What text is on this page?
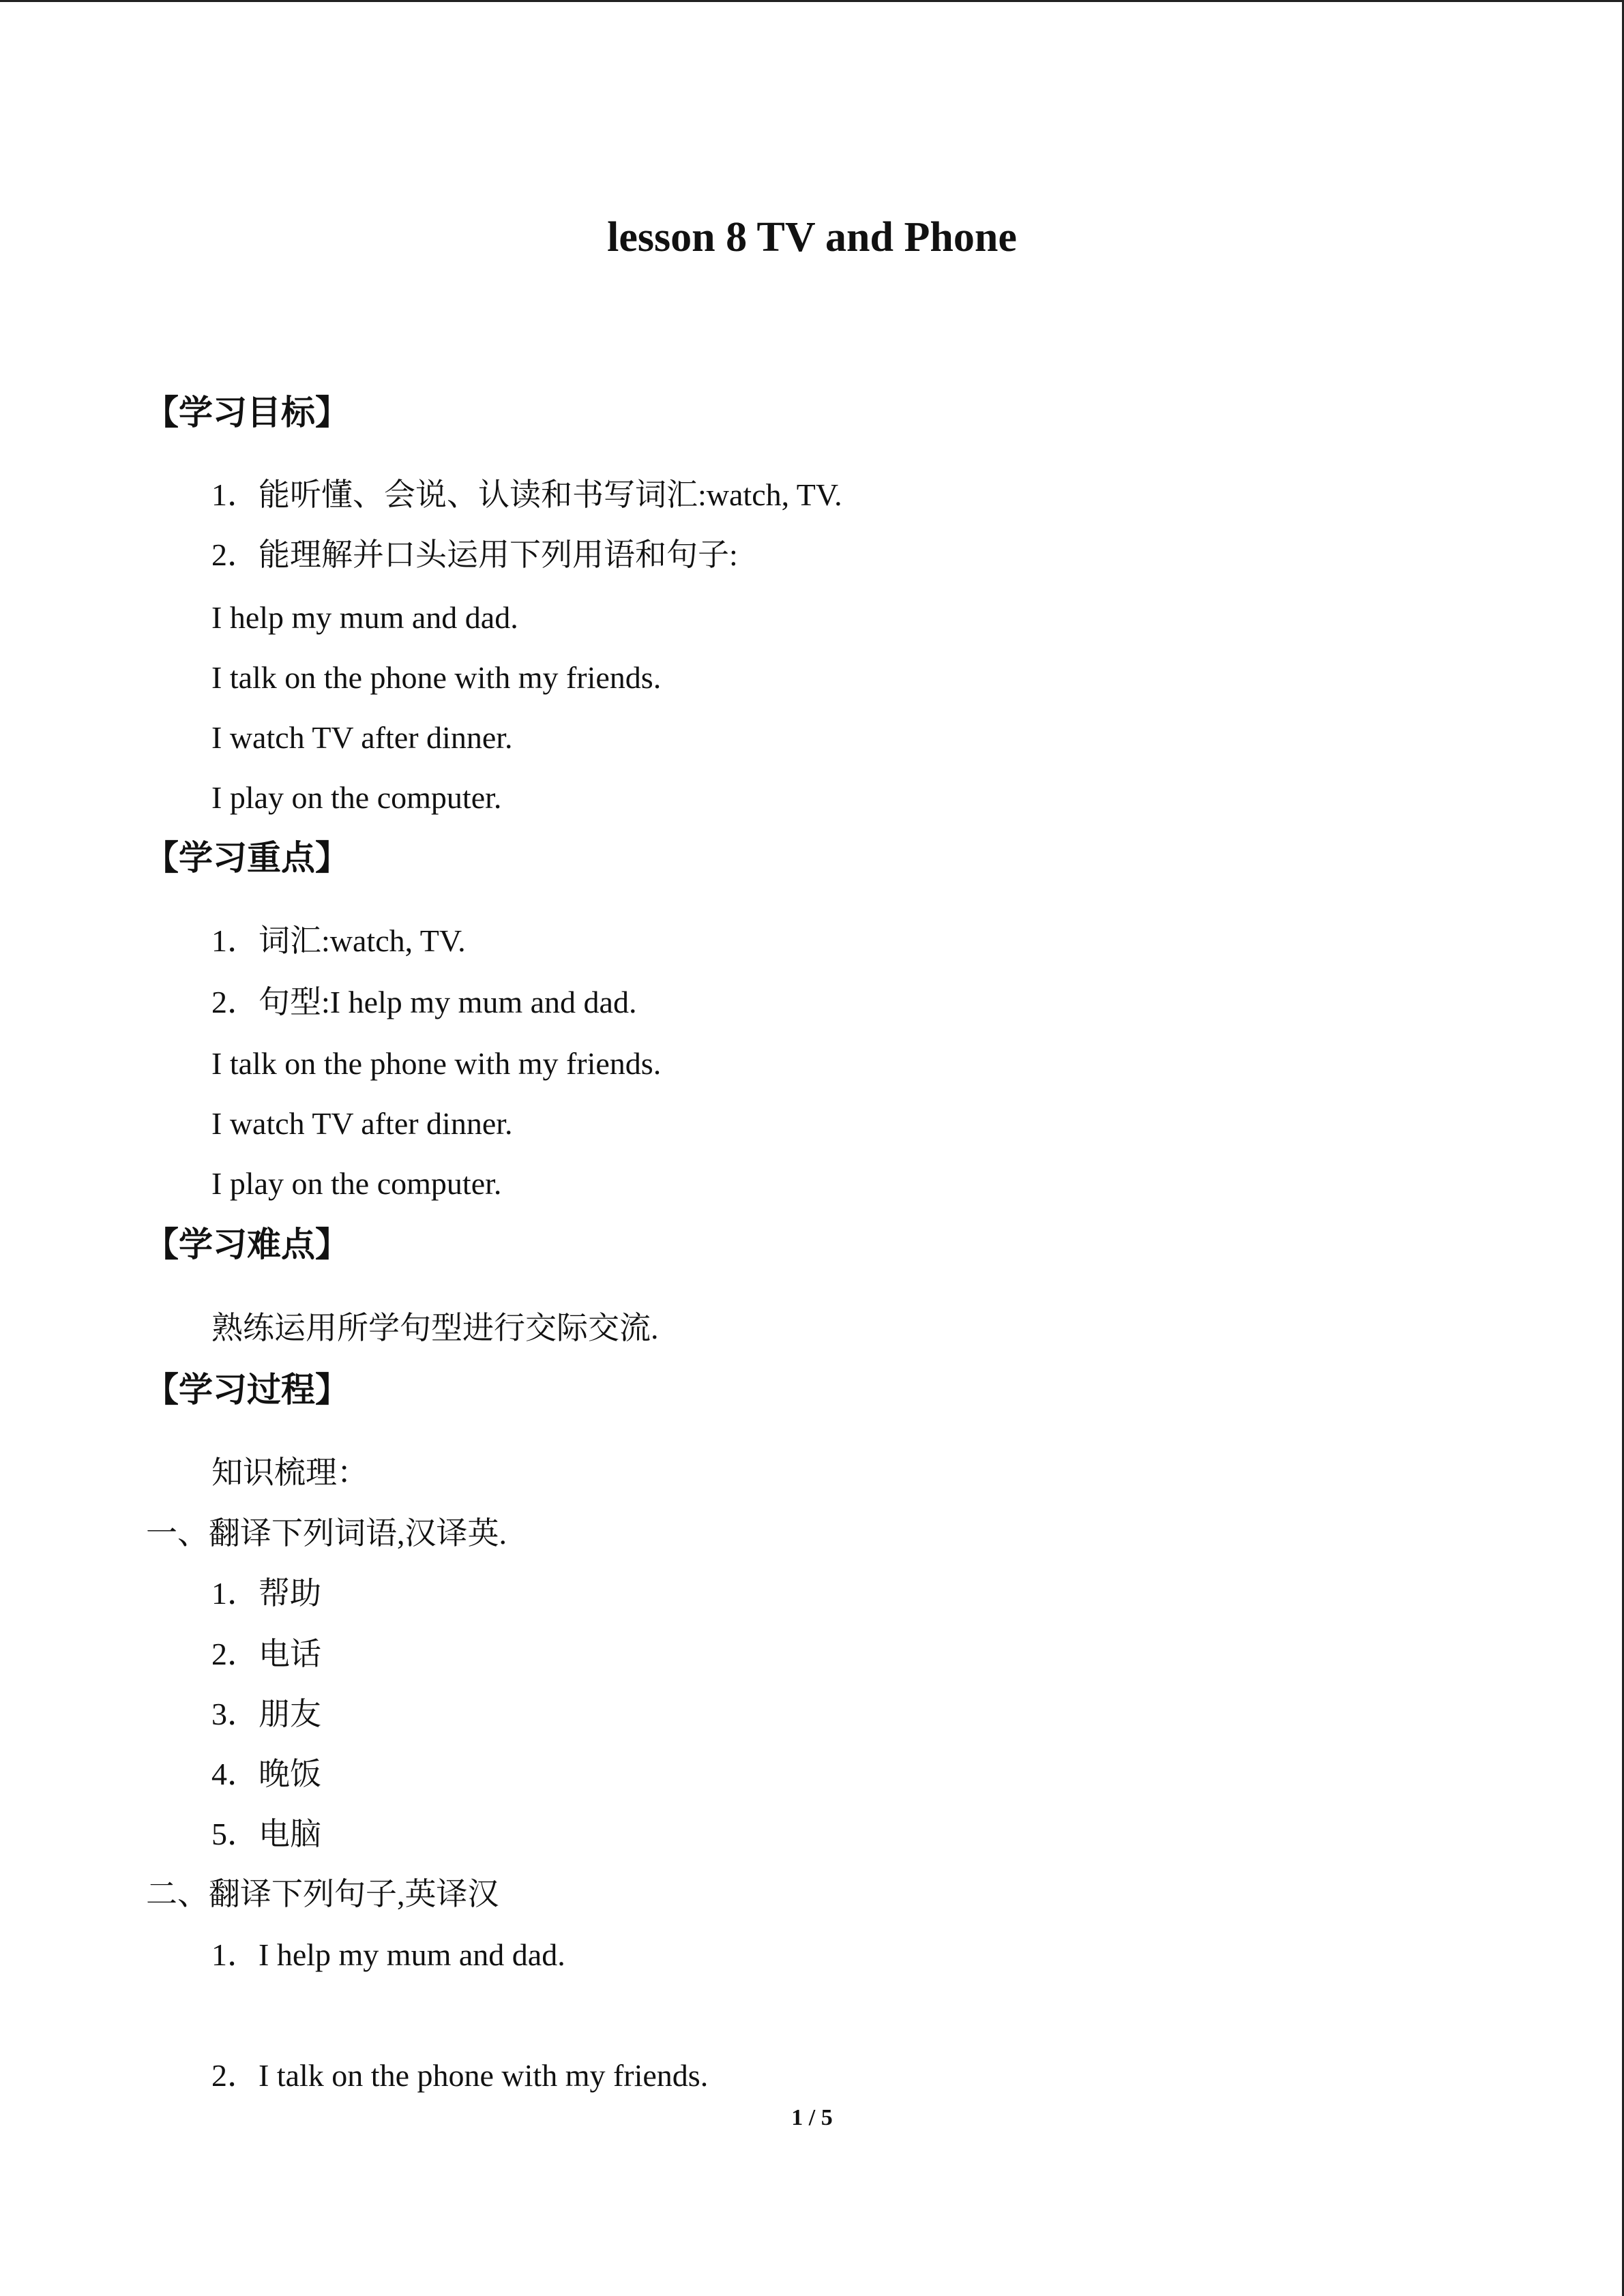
lesson 8 TV and Phone
【学习目标】
1．能听懂、会说、认读和书写词汇:watch, TV.
2．能理解并口头运用下列用语和句子:
I help my mum and dad.
I talk on the phone with my friends.
I watch TV after dinner.
I play on the computer.
【学习重点】
1．词汇:watch, TV.
2．句型:I help my mum and dad.
I talk on the phone with my friends.
I watch TV after dinner.
I play on the computer.
【学习难点】
熟练运用所学句型进行交际交流.
【学习过程】
知识梳理：
一、翻译下列词语,汉译英.
1．帮助
2．电话
3．朋友
4．晚饭
5．电脑
二、翻译下列句子,英译汉
1．I help my mum and dad.
2．I talk on the phone with my friends.
1 / 5
